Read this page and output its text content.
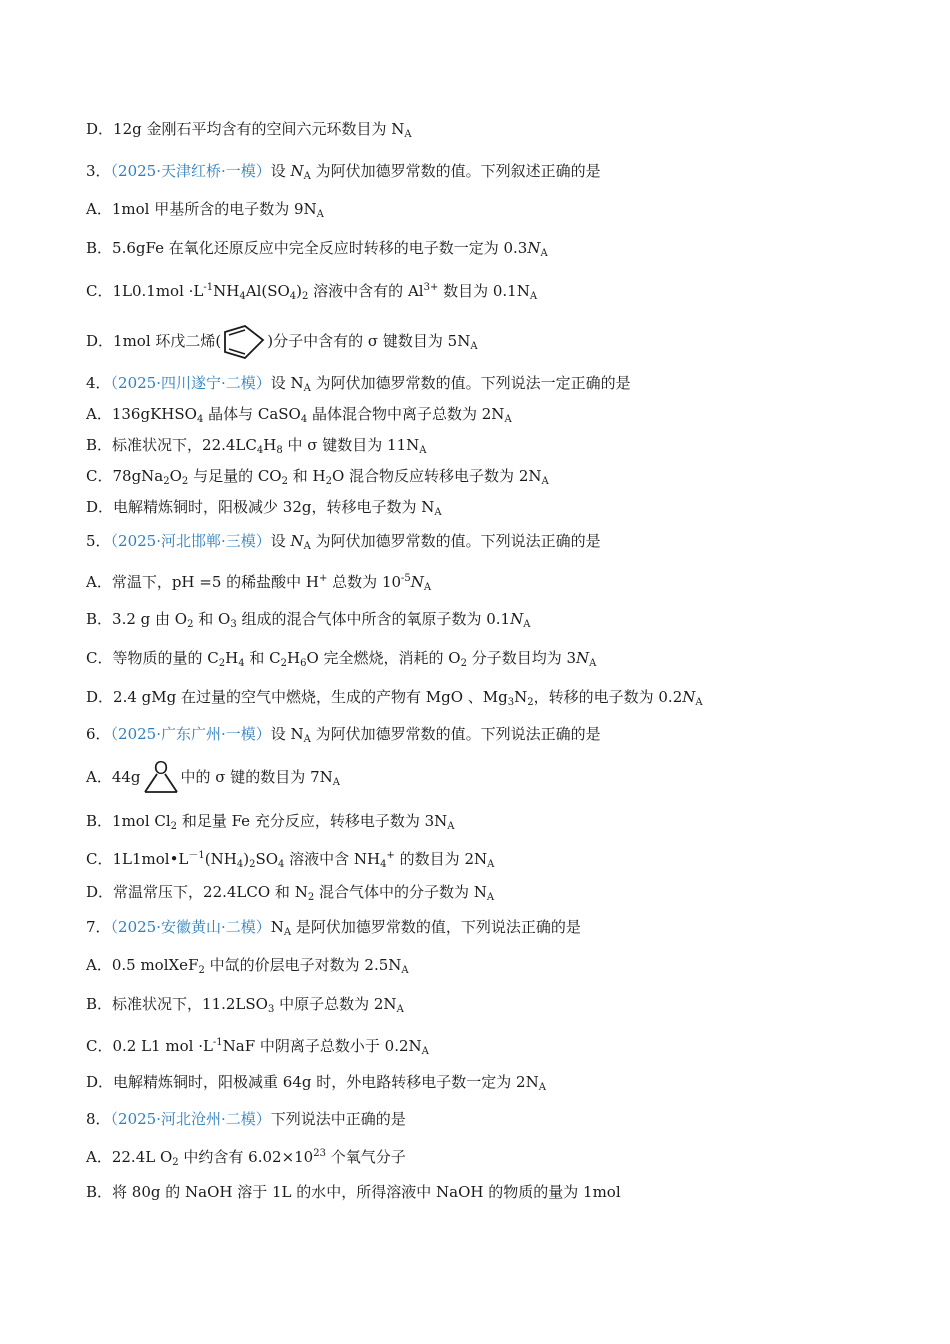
D．12g 金刚石平均含有的空间六元环数目为 $N_A$
3．（2025·天津红桥·一模）设 $N_A$ 为阿伏加德罗常数的值。下列叙述正确的是
A．1mol 甲基所含的电子数为 $9N_A$
B．5.6gFe 在氧化还原反应中完全反应时转移的电子数一定为 $0.3N_A$
C．$1L0.1mol \cdot L^{-1}NH_4Al(SO_4)_2$ 溶液中含有的 $Al^{3+}$ 数目为 $0.1N_A$
4．（2025·四川遂宁·二模）设 $N_A$ 为阿伏加德罗常数的值。下列说法一定正确的是
A．136gKHSO$_4$ 晶体与 CaSO$_4$ 晶体混合物中离子总数为 $2N_A$
B．标准状况下，$22.4LC_4H_8$ 中 σ 键数目为 $11N_A$
C．$78gNa_2O_2$ 与足量的 $CO_2$ 和 $H_2O$ 混合物反应转移电子数为 $2N_A$
D．电解精炼铜时，阳极减少 32g，转移电子数为 $N_A$
5．（2025·河北邯郸·三模）设 $N_A$ 为阿伏加德罗常数的值。下列说法正确的是
A．常温下，pH =5 的稀盐酸中 H+ 总数为 $10^{-5}N_A$
B．3.2 g 由 $O_2$ 和 $O_3$ 组成的混合气体中所含的氧原子数为 $0.1N_A$
C．等物质的量的 $C_2H_4$ 和 $C_2H_6O$ 完全燃烧，消耗的 $O_2$ 分子数目均为 $3N_A$
D．2.4 gMg 在过量的空气中燃烧，生成的产物有 MgO 、$Mg_3N_2$，转移的电子数为 $0.2N_A$
6．（2025·广东广州·一模）设 $N_A$ 为阿伏加德罗常数的值。下列说法正确的是
B．1mol $Cl_2$ 和足量 Fe 充分反应，转移电子数为 $3N_A$
C．$1L1mol•L^{-1}(NH_4)_2SO_4$ 溶液中含 $NH_4^+$ 的数目为 $2N_A$
D．常温常压下，22.4LCO 和 $N_2$ 混合气体中的分子数为 $N_A$
7．（2025·安徽黄山·二模）$N_A$ 是阿伏加德罗常数的值，下列说法正确的是
A．0.5 molXeF$_2$ 中氙的价层电子对数为 $2.5N_A$
B．标准状况下，$11.2LSO_3$ 中原子总数为 $2N_A$
C．0.2 L1 mol $\cdot L^{-1}NaF$ 中阴离子总数小于 $0.2N_A$
D．电解精炼铜时，阳极减重 64g 时，外电路转移电子数一定为 $2N_A$
8．（2025·河北沧州·二模）下列说法中正确的是
A．22.4L $O_2$ 中约含有 $6.02\times 10^{23}$ 个氧气分子
B．将 80g 的 NaOH 溶于 1L 的水中，所得溶液中 NaOH 的物质的量为 1mol
D．1mol 环戊二烯(	)分子中含有的 σ 键数目为 $5N_A$
A．44g O 中的 σ 键的数目为 $7N_A$
